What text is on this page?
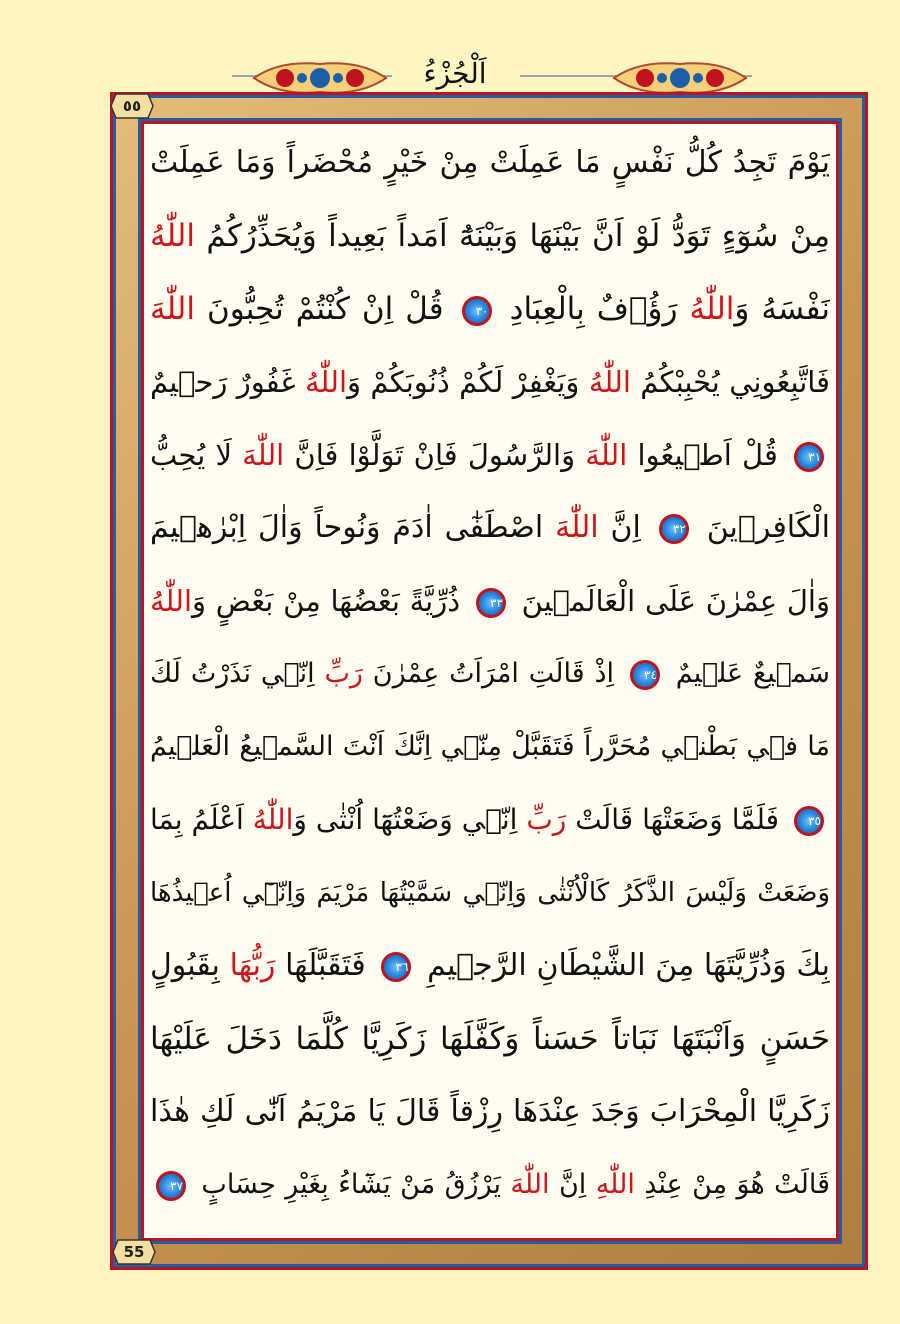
اَلْجُزْءُ
٥٥
55
يَوْمَ تَجِدُ كُلُّ نَفْسٍ مَا عَمِلَتْ مِنْ خَيْرٍ مُحْضَراً وَمَا عَمِلَتْ
مِنْ سُوٓءٍ تَوَدُّ لَوْ اَنَّ بَيْنَهَا وَبَيْنَهُٓ اَمَداً بَعِيداً وَيُحَذِّرُكُمُ اللّٰهُ
نَفْسَهُ وَاللّٰهُ رَؤُ۫فٌ بِالْعِبَادِ ٣٠ قُلْ اِنْ كُنْتُمْ تُحِبُّونَ اللّٰهَ
فَاتَّبِعُونِي يُحْبِبْكُمُ اللّٰهُ وَيَغْفِرْ لَكُمْ ذُنُوبَكُمْ وَاللّٰهُ غَفُورٌ رَح۪يمٌ
٣١ قُلْ اَط۪يعُوا اللّٰهَ وَالرَّسُولَ فَاِنْ تَوَلَّوْا فَاِنَّ اللّٰهَ لَا يُحِبُّ
الْكَافِر۪ينَ ٣٢ اِنَّ اللّٰهَ اصْطَفٰٓى اٰدَمَ وَنُوحاً وَاٰلَ اِبْرٰه۪يمَ
وَاٰلَ عِمْرٰنَ عَلَى الْعَالَم۪ينَ ٣٣ ذُرِّيَّةً بَعْضُهَا مِنْ بَعْضٍ وَاللّٰهُ
سَم۪يعٌ عَل۪يمٌ ٣٤ اِذْ قَالَتِ امْرَاَتُ عِمْرٰنَ رَبِّ اِنّ۪ي نَذَرْتُ لَكَ
مَا ف۪ي بَطْن۪ي مُحَرَّراً فَتَقَبَّلْ مِنّ۪ي اِنَّكَ اَنْتَ السَّم۪يعُ الْعَل۪يمُ
٣٥ فَلَمَّا وَضَعَتْهَا قَالَتْ رَبِّ اِنّ۪ي وَضَعْتُهَٓا اُنْثٰى وَاللّٰهُ اَعْلَمُ بِمَا
وَضَعَتْ وَلَيْسَ الذَّكَرُ كَالْاُنْثٰى وَاِنّ۪ي سَمَّيْتُهَا مَرْيَمَ وَاِنّ۪ٓي اُع۪يذُهَا
بِكَ وَذُرِّيَّتَهَا مِنَ الشَّيْطَانِ الرَّج۪يمِ ٣٦ فَتَقَبَّلَهَا رَبُّهَا بِقَبُولٍ
حَسَنٍ وَاَنْبَتَهَا نَبَاتاً حَسَناً وَكَفَّلَهَا زَكَرِيَّا كُلَّمَا دَخَلَ عَلَيْهَا
زَكَرِيَّا الْمِحْرَابَ وَجَدَ عِنْدَهَا رِزْقاً قَالَ يَا مَرْيَمُ اَنّٰى لَكِ هٰذَا
قَالَتْ هُوَ مِنْ عِنْدِ اللّٰهِ اِنَّ اللّٰهَ يَرْزُقُ مَنْ يَشَٓاءُ بِغَيْرِ حِسَابٍ ٣٧
